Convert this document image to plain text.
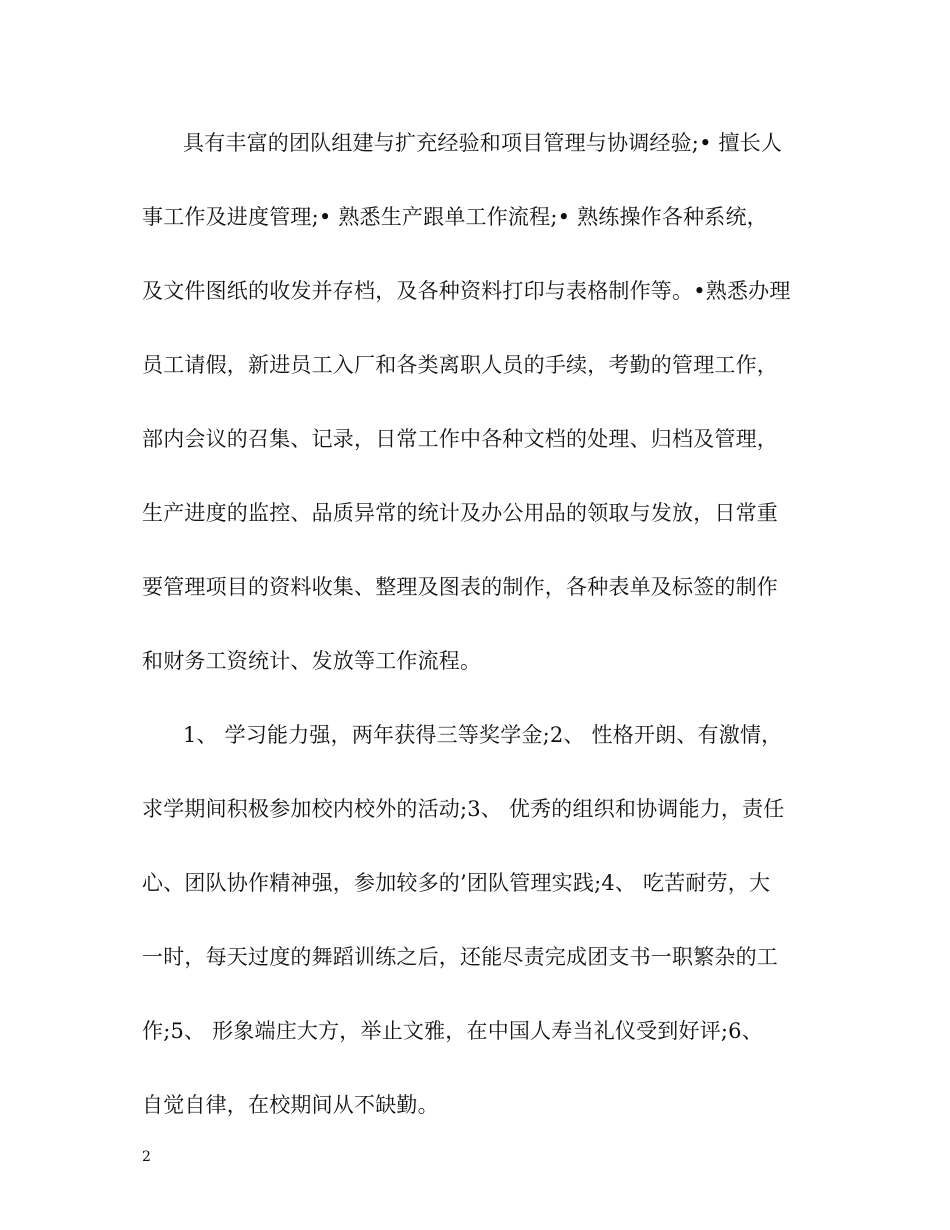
具有丰富的团队组建与扩充经验和项目管理与协调经验;• 擅长人
事工作及进度管理;• 熟悉生产跟单工作流程;• 熟练操作各种系统，
及文件图纸的收发并存档，及各种资料打印与表格制作等。•熟悉办理
员工请假，新进员工入厂和各类离职人员的手续，考勤的管理工作，
部内会议的召集、记录，日常工作中各种文档的处理、归档及管理，
生产进度的监控、品质异常的统计及办公用品的领取与发放，日常重
要管理项目的资料收集、整理及图表的制作，各种表单及标签的制作
和财务工资统计、发放等工作流程。
1、 学习能力强，两年获得三等奖学金;2、 性格开朗、有激情，
求学期间积极参加校内校外的活动;3、 优秀的组织和协调能力，责任
心、团队协作精神强，参加较多的’团队管理实践;4、 吃苦耐劳，大
一时，每天过度的舞蹈训练之后，还能尽责完成团支书一职繁杂的工
作;5、 形象端庄大方，举止文雅，在中国人寿当礼仪受到好评;6、
自觉自律，在校期间从不缺勤。
2
